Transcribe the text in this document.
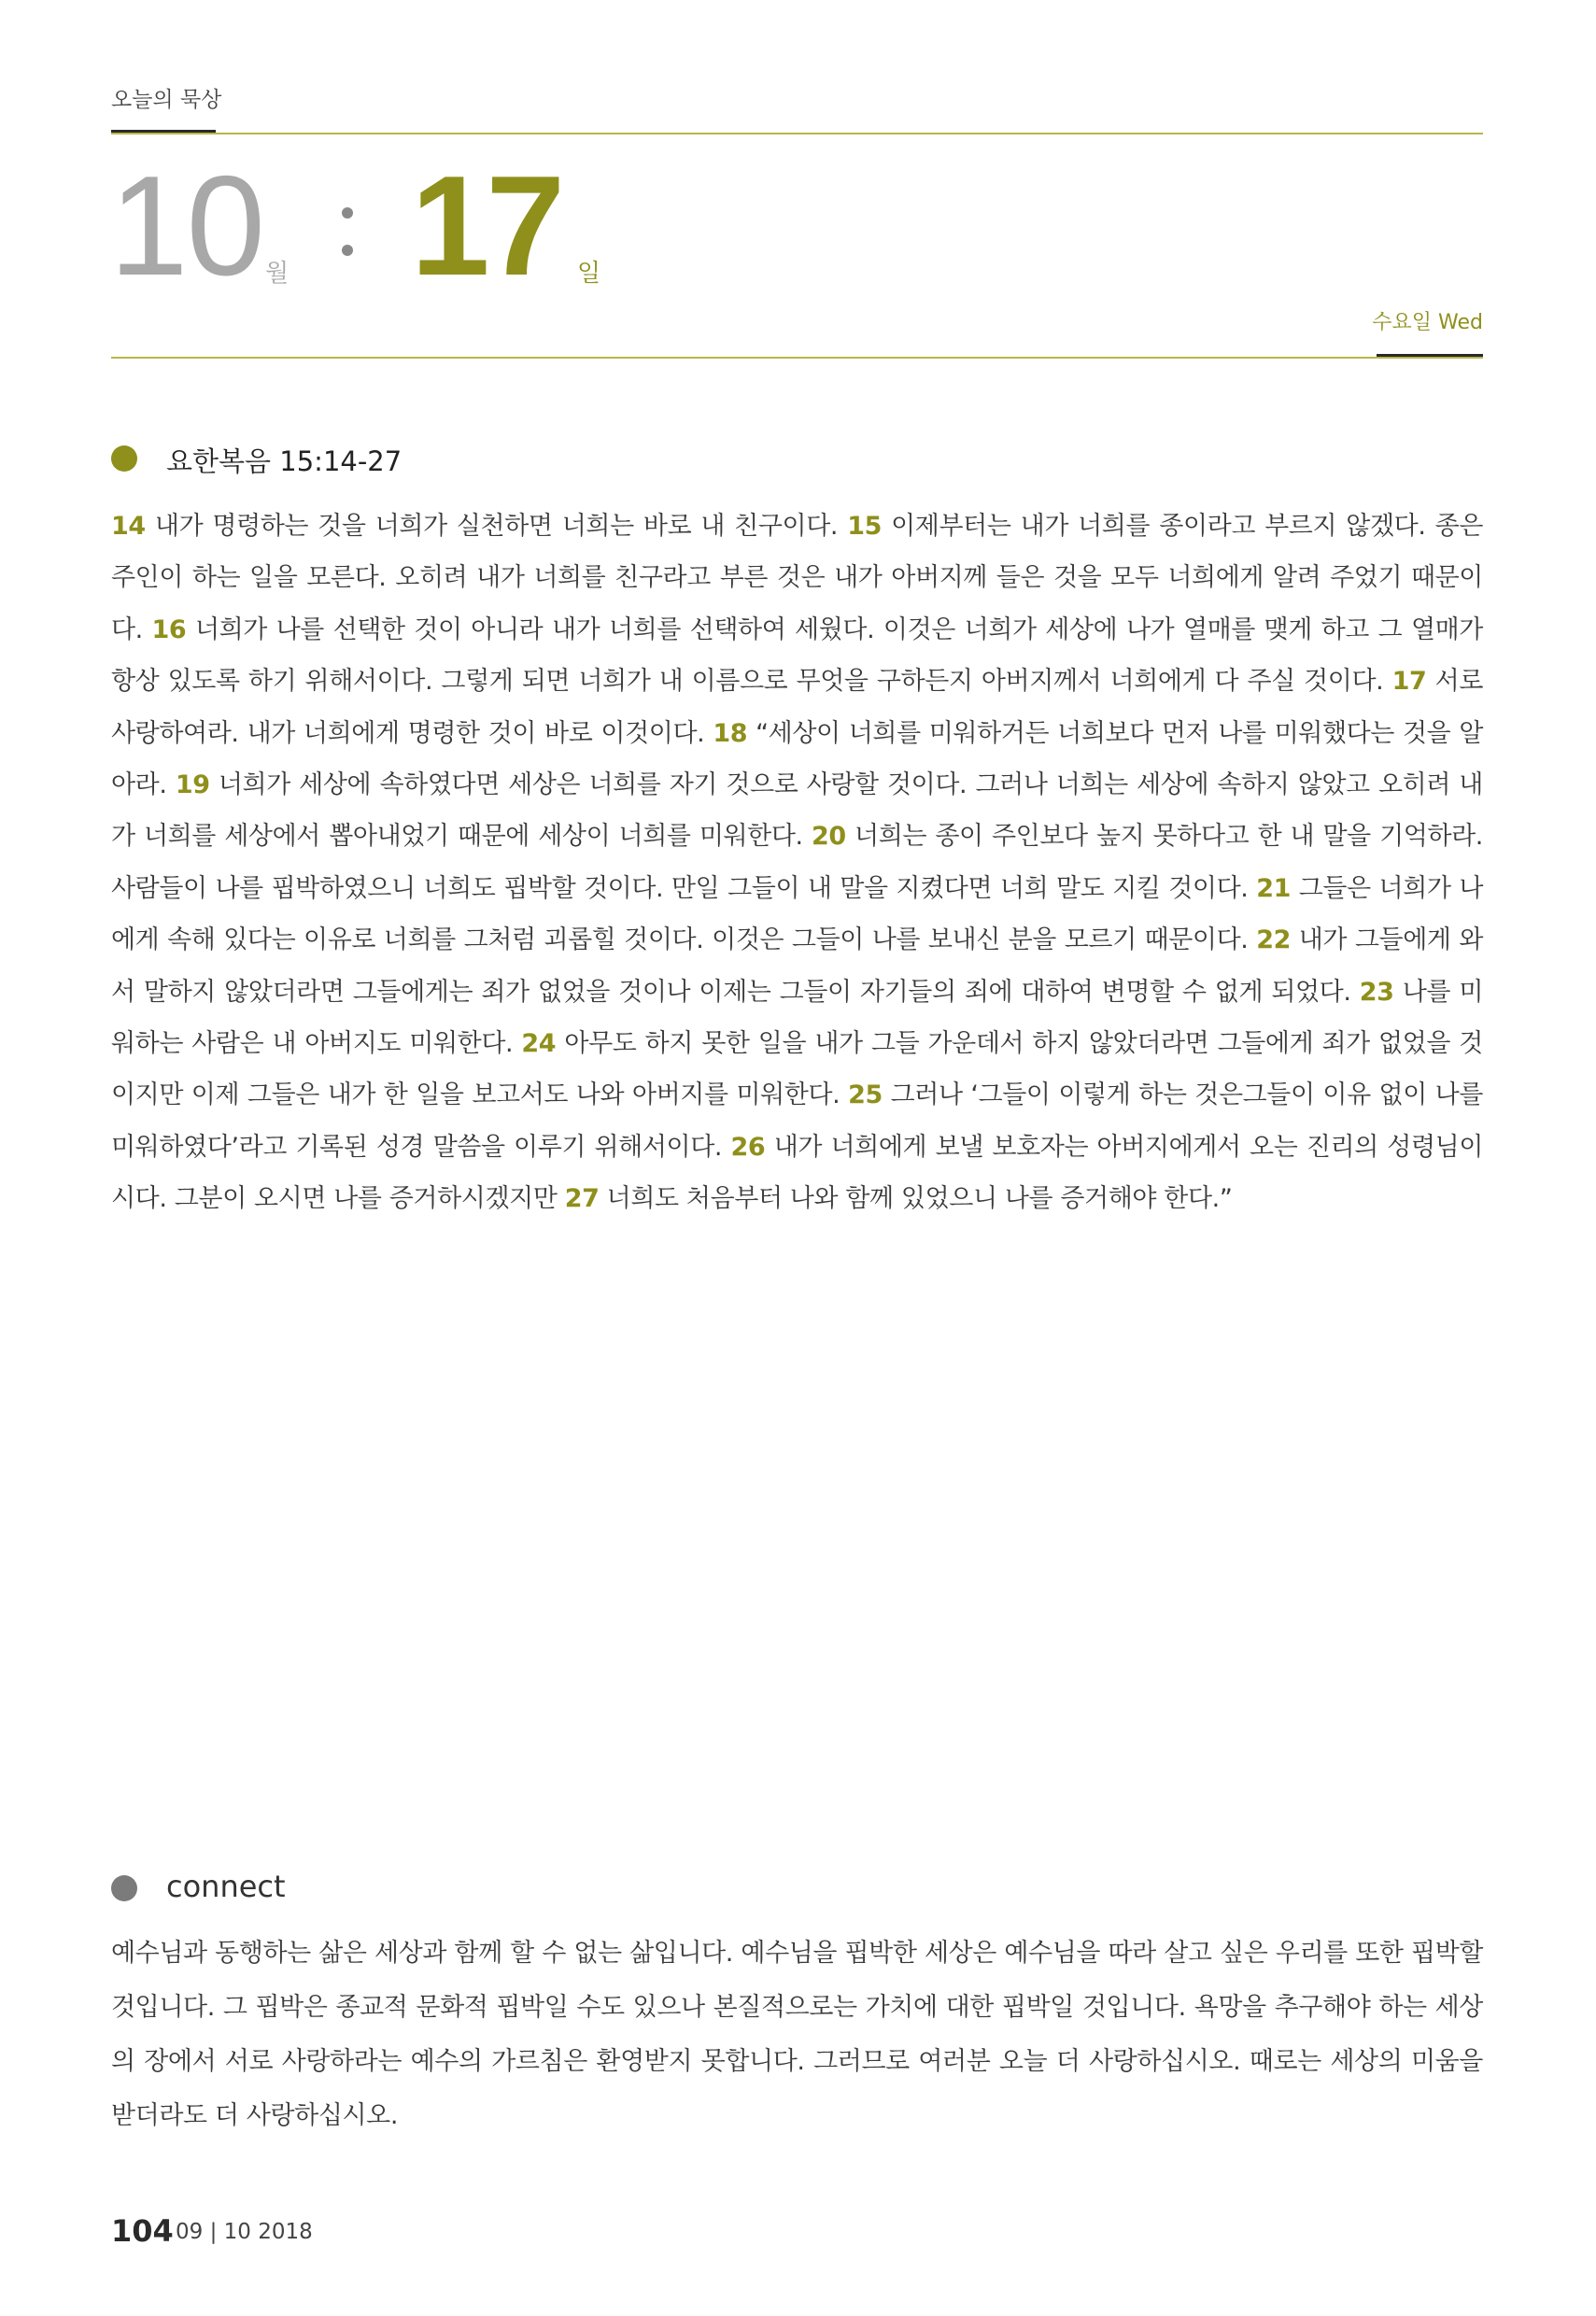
오늘의 묵상
10 월 17 일
수요일 Wed
요한복음 15:14-27
14 내가 명령하는 것을 너희가 실천하면 너희는 바로 내 친구이다. 15 이제부터는 내가 너희를 종이라고 부르지 않겠다. 종은 주인이 하는 일을 모른다. 오히려 내가 너희를 친구라고 부른 것은 내가 아버지께 들은 것을 모두 너희에게 알려 주었기 때문이다. 16 너희가 나를 선택한 것이 아니라 내가 너희를 선택하여 세웠다. 이것은 너희가 세상에 나가 열매를 맺게 하고 그 열매가 항상 있도록 하기 위해서이다. 그렇게 되면 너희가 내 이름으로 무엇을 구하든지 아버지께서 너희에게 다 주실 것이다. 17 서로 사랑하여라. 내가 너희에게 명령한 것이 바로 이것이다. 18 “세상이 너희를 미워하거든 너희보다 먼저 나를 미워했다는 것을 알아라. 19 너희가 세상에 속하였다면 세상은 너희를 자기 것으로 사랑할 것이다. 그러나 너희는 세상에 속하지 않았고 오히려 내가 너희를 세상에서 뽑아내었기 때문에 세상이 너희를 미워한다. 20 너희는 종이 주인보다 높지 못하다고 한 내 말을 기억하라. 사람들이 나를 핍박하였으니 너희도 핍박할 것이다. 만일 그들이 내 말을 지켰다면 너희 말도 지킬 것이다. 21 그들은 너희가 나에게 속해 있다는 이유로 너희를 그처럼 괴롭힐 것이다. 이것은 그들이 나를 보내신 분을 모르기 때문이다. 22 내가 그들에게 와서 말하지 않았더라면 그들에게는 죄가 없었을 것이나 이제는 그들이 자기들의 죄에 대하여 변명할 수 없게 되었다. 23 나를 미워하는 사람은 내 아버지도 미워한다. 24 아무도 하지 못한 일을 내가 그들 가운데서 하지 않았더라면 그들에게 죄가 없었을 것이지만 이제 그들은 내가 한 일을 보고서도 나와 아버지를 미워한다. 25 그러나 ‘그들이 이렇게 하는 것은그들이 이유 없이 나를 미워하였다’라고 기록된 성경 말씀을 이루기 위해서이다. 26 내가 너희에게 보낼 보호자는 아버지에게서 오는 진리의 성령님이시다. 그분이 오시면 나를 증거하시겠지만 27 너희도 처음부터 나와 함께 있었으니 나를 증거해야 한다.”
connect
예수님과 동행하는 삶은 세상과 함께 할 수 없는 삶입니다. 예수님을 핍박한 세상은 예수님을 따라 살고 싶은 우리를 또한 핍박할 것입니다. 그 핍박은 종교적 문화적 핍박일 수도 있으나 본질적으로는 가치에 대한 핍박일 것입니다. 욕망을 추구해야 하는 세상의 장에서 서로 사랑하라는 예수의 가르침은 환영받지 못합니다. 그러므로 여러분 오늘 더 사랑하십시오. 때로는 세상의 미움을 받더라도 더 사랑하십시오.
104 09 | 10 2018
